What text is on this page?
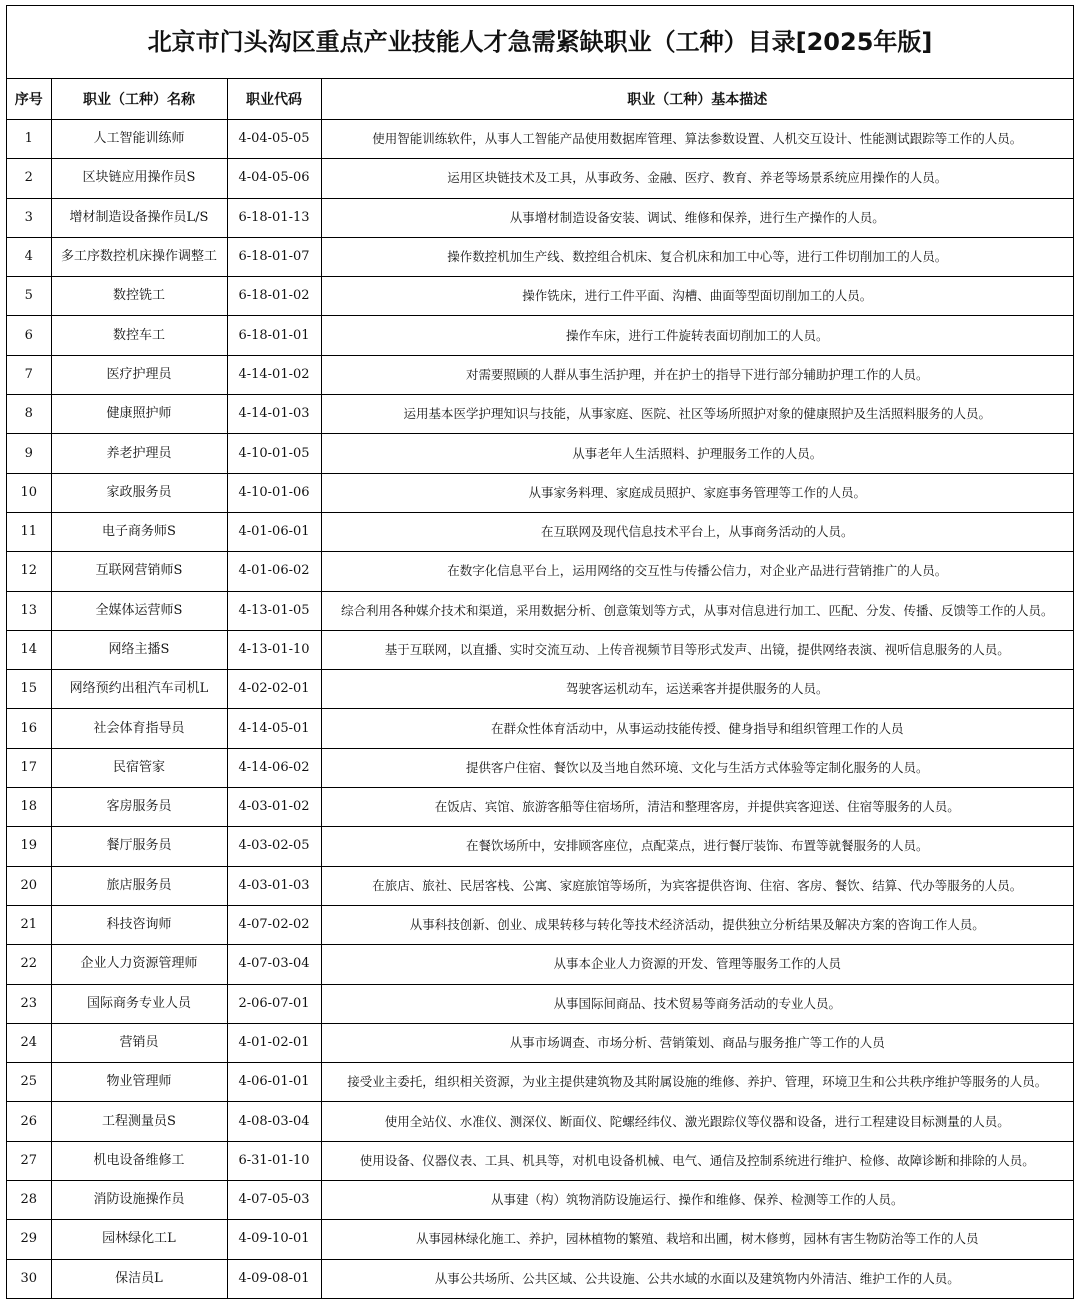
北京市门头沟区重点产业技能人才急需紧缺职业（工种）目录[2025年版]
序号	职业（工种）名称	职业代码	职业（工种）基本描述
1	人工智能训练师	4-04-05-05	使用智能训练软件，从事人工智能产品使用数据库管理、算法参数设置、人机交互设计、性能测试跟踪等工作的人员。
2	区块链应用操作员S	4-04-05-06	运用区块链技术及工具，从事政务、金融、医疗、教育、养老等场景系统应用操作的人员。
3	增材制造设备操作员L/S	6-18-01-13	从事增材制造设备安装、调试、维修和保养，进行生产操作的人员。
4	多工序数控机床操作调整工	6-18-01-07	操作数控机加生产线、数控组合机床、复合机床和加工中心等，进行工件切削加工的人员。
5	数控铣工	6-18-01-02	操作铣床，进行工件平面、沟槽、曲面等型面切削加工的人员。
6	数控车工	6-18-01-01	操作车床，进行工件旋转表面切削加工的人员。
7	医疗护理员	4-14-01-02	对需要照顾的人群从事生活护理，并在护士的指导下进行部分辅助护理工作的人员。
8	健康照护师	4-14-01-03	运用基本医学护理知识与技能，从事家庭、医院、社区等场所照护对象的健康照护及生活照料服务的人员。
9	养老护理员	4-10-01-05	从事老年人生活照料、护理服务工作的人员。
10	家政服务员	4-10-01-06	从事家务料理、家庭成员照护、家庭事务管理等工作的人员。
11	电子商务师S	4-01-06-01	在互联网及现代信息技术平台上，从事商务活动的人员。
12	互联网营销师S	4-01-06-02	在数字化信息平台上，运用网络的交互性与传播公信力，对企业产品进行营销推广的人员。
13	全媒体运营师S	4-13-01-05	综合利用各种媒介技术和渠道，采用数据分析、创意策划等方式，从事对信息进行加工、匹配、分发、传播、反馈等工作的人员。
14	网络主播S	4-13-01-10	基于互联网，以直播、实时交流互动、上传音视频节目等形式发声、出镜，提供网络表演、视听信息服务的人员。
15	网络预约出租汽车司机L	4-02-02-01	驾驶客运机动车，运送乘客并提供服务的人员。
16	社会体育指导员	4-14-05-01	在群众性体育活动中，从事运动技能传授、健身指导和组织管理工作的人员
17	民宿管家	4-14-06-02	提供客户住宿、餐饮以及当地自然环境、文化与生活方式体验等定制化服务的人员。
18	客房服务员	4-03-01-02	在饭店、宾馆、旅游客船等住宿场所，清洁和整理客房，并提供宾客迎送、住宿等服务的人员。
19	餐厅服务员	4-03-02-05	在餐饮场所中，安排顾客座位，点配菜点，进行餐厅装饰、布置等就餐服务的人员。
20	旅店服务员	4-03-01-03	在旅店、旅社、民居客栈、公寓、家庭旅馆等场所，为宾客提供咨询、住宿、客房、餐饮、结算、代办等服务的人员。
21	科技咨询师	4-07-02-02	从事科技创新、创业、成果转移与转化等技术经济活动，提供独立分析结果及解决方案的咨询工作人员。
22	企业人力资源管理师	4-07-03-04	从事本企业人力资源的开发、管理等服务工作的人员
23	国际商务专业人员	2-06-07-01	从事国际间商品、技术贸易等商务活动的专业人员。
24	营销员	4-01-02-01	从事市场调查、市场分析、营销策划、商品与服务推广等工作的人员
25	物业管理师	4-06-01-01	接受业主委托，组织相关资源，为业主提供建筑物及其附属设施的维修、养护、管理，环境卫生和公共秩序维护等服务的人员。
26	工程测量员S	4-08-03-04	使用全站仪、水准仪、测深仪、断面仪、陀螺经纬仪、激光跟踪仪等仪器和设备，进行工程建设目标测量的人员。
27	机电设备维修工	6-31-01-10	使用设备、仪器仪表、工具、机具等，对机电设备机械、电气、通信及控制系统进行维护、检修、故障诊断和排除的人员。
28	消防设施操作员	4-07-05-03	从事建（构）筑物消防设施运行、操作和维修、保养、检测等工作的人员。
29	园林绿化工L	4-09-10-01	从事园林绿化施工、养护，园林植物的繁殖、栽培和出圃，树木修剪，园林有害生物防治等工作的人员
30	保洁员L	4-09-08-01	从事公共场所、公共区域、公共设施、公共水域的水面以及建筑物内外清洁、维护工作的人员。
